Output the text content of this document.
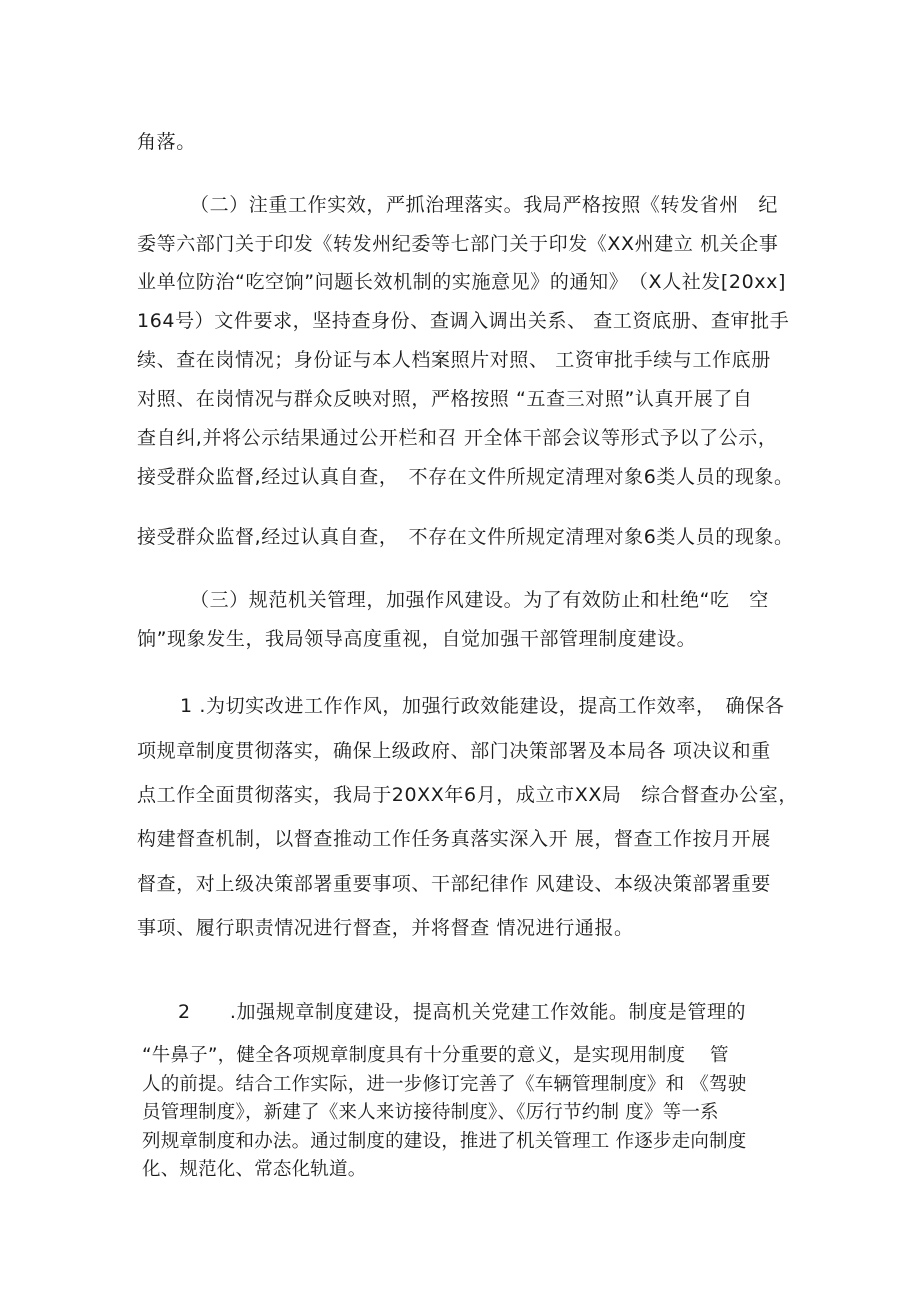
角落。
（二）注重工作实效，严抓治理落实。我局严格按照《转发省州　纪
委等六部门关于印发《转发州纪委等七部门关于印发《XX州建立 机关企事
业单位防治“吃空饷”问题长效机制的实施意见》的通知》　（X人社发[20xx]
164号）文件要求，坚持查身份、查调入调出关系、 查工资底册、查审批手
续、查在岗情况；身份证与本人档案照片对照、 工资审批手续与工作底册
对照、在岗情况与群众反映对照，严格按照 “五查三对照”认真开展了自
查自纠,并将公示结果通过公开栏和召 开全体干部会议等形式予以了公示，
接受群众监督,经过认真自查，　不存在文件所规定清理对象6类人员的现象。
接受群众监督,经过认真自查，　不存在文件所规定清理对象6类人员的现象。
（三）规范机关管理，加强作风建设。为了有效防止和杜绝“吃　空
饷”现象发生，我局领导高度重视，自觉加强干部管理制度建设。
1 .为切实改进工作作风，加强行政效能建设，提高工作效率，　确保各
项规章制度贯彻落实，确保上级政府、部门决策部署及本局各 项决议和重
点工作全面贯彻落实，我局于20XX年6月，成立市XX局　综合督查办公室，
构建督查机制，以督查推动工作任务真落实深入开 展，督查工作按月开展
督查，对上级决策部署重要事项、干部纪律作 风建设、本级决策部署重要
事项、履行职责情况进行督查，并将督查 情况进行通报。
2　　.加强规章制度建设，提高机关党建工作效能。制度是管理的
“牛鼻子”，健全各项规章制度具有十分重要的意义，是实现用制度　 管
人的前提。结合工作实际，进一步修订完善了《车辆管理制度》和 《驾驶
员管理制度》，新建了《来人来访接待制度》、《厉行节约制 度》等一系
列规章制度和办法。通过制度的建设，推进了机关管理工 作逐步走向制度
化、规范化、常态化轨道。
